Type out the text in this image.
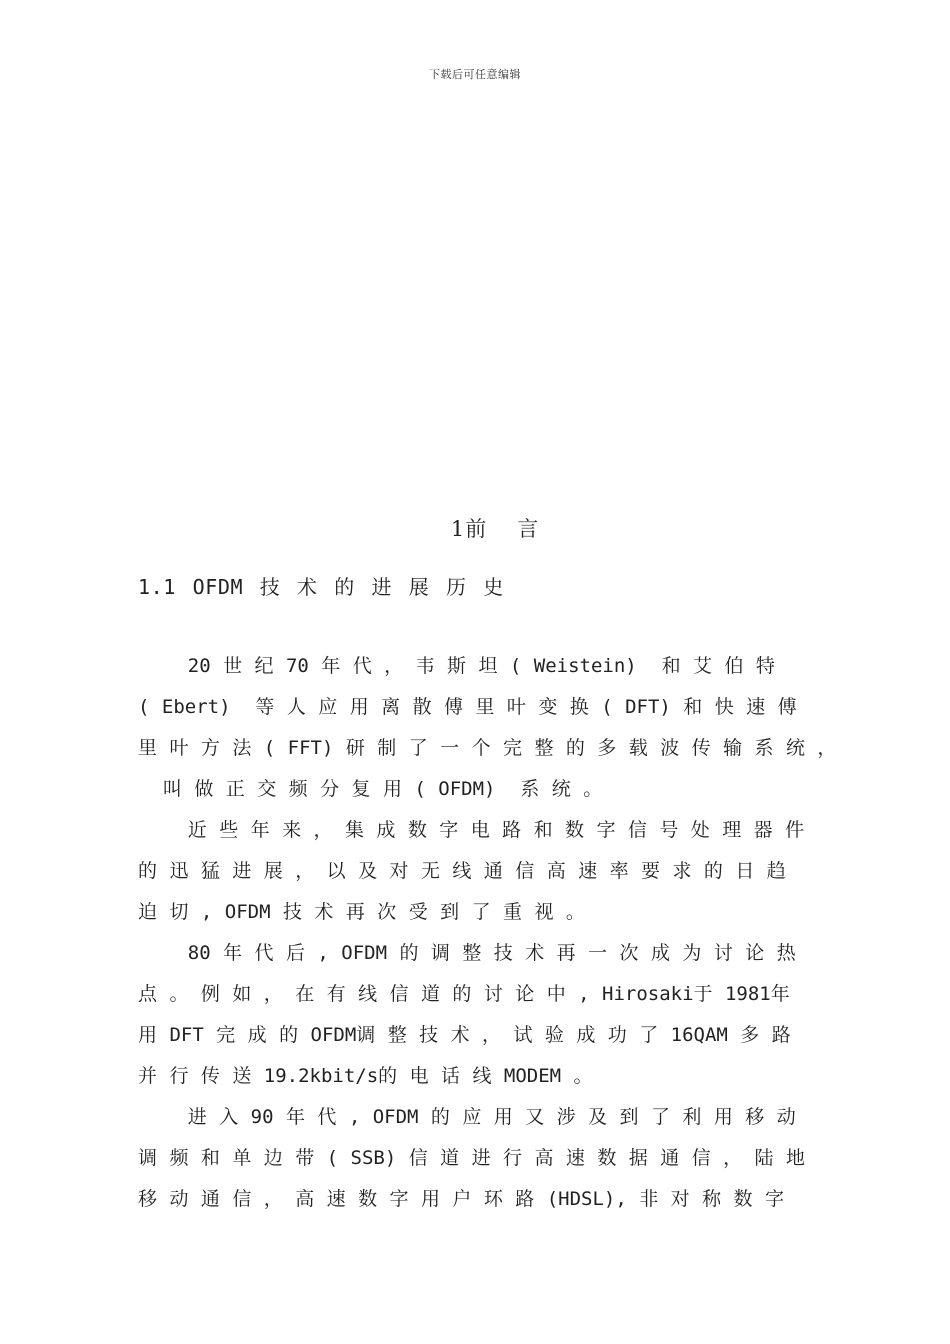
下载后可任意编辑
1前 言
1.1 OFDM 技 术 的 进 展 历 史
20 世 纪 70 年 代 ， 韦 斯 坦 ( Weistein)  和 艾 伯 特
( Ebert)  等 人 应 用 离 散 傅 里 叶 变 换 ( DFT) 和 快 速 傅
里 叶 方 法 ( FFT) 研 制 了 一 个 完 整 的 多 载 波 传 输 系 统 ，
叫 做 正 交 频 分 复 用 ( OFDM)  系 统 。
近 些 年 来 ， 集 成 数 字 电 路 和 数 字 信 号 处 理 器 件
的 迅 猛 进 展 ， 以 及 对 无 线 通 信 高 速 率 要 求 的 日 趋
迫 切 , OFDM 技 术 再 次 受 到 了 重 视 。
80 年 代 后 , OFDM 的 调 整 技 术 再 一 次 成 为 讨 论 热
点 。 例 如 ， 在 有 线 信 道 的 讨 论 中 , Hirosaki于 1981年
用 DFT 完 成 的 OFDM调 整 技 术 ， 试 验 成 功 了 16QAM 多 路
并 行 传 送 19.2kbit/s的 电 话 线 MODEM 。
进 入 90 年 代 , OFDM 的 应 用 又 涉 及 到 了 利 用 移 动
调 频 和 单 边 带 ( SSB) 信 道 进 行 高 速 数 据 通 信 ， 陆 地
移 动 通 信 ， 高 速 数 字 用 户 环 路 (HDSL), 非 对 称 数 字
